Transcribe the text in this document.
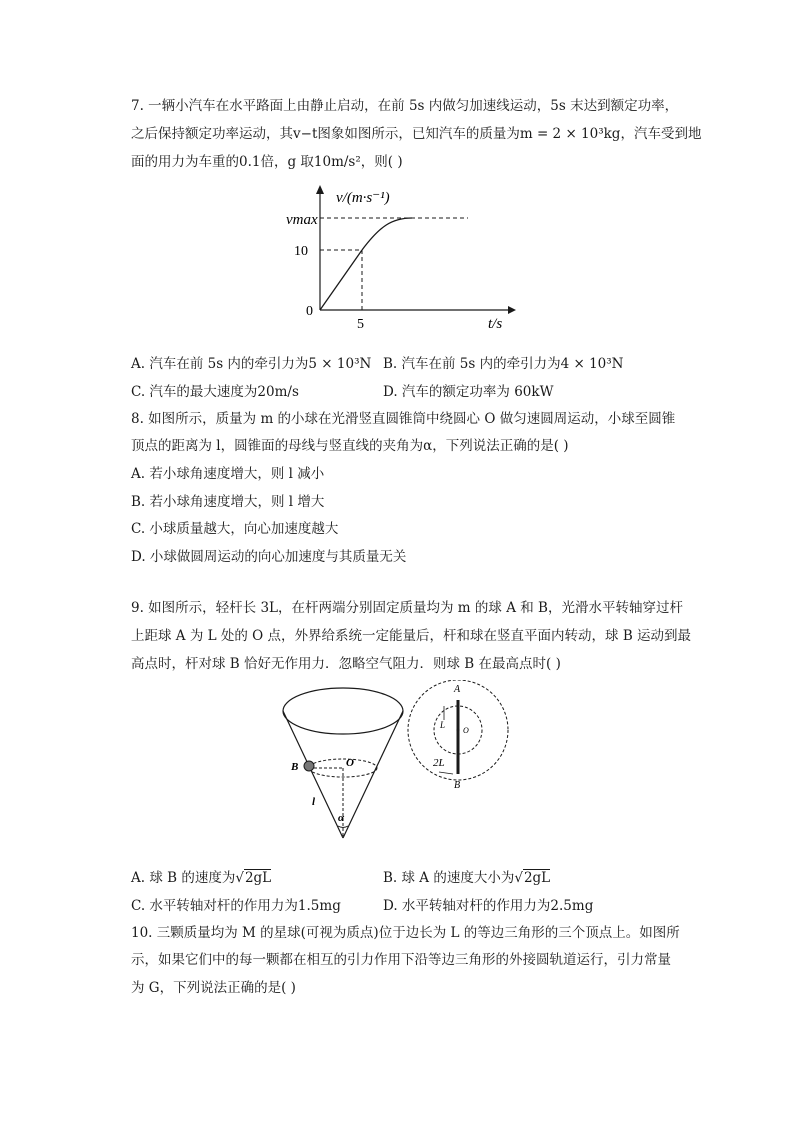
7. 一辆小汽车在水平路面上由静止启动，在前 5s 内做匀加速线运动，5s 末达到额定功率，
之后保持额定功率运动，其v−t图象如图所示，已知汽车的质量为m = 2 × 10³kg，汽车受到地
面的用力为车重的0.1倍，g 取10m/s²，则( )
v/(m·s⁻¹)
vmax
10
0
5	t/s
A. 汽车在前 5s 内的牵引力为5 × 10³N B. 汽车在前 5s 内的牵引力为4 × 10³N
C. 汽车的最大速度为20m/s	D. 汽车的额定功率为 60kW
8. 如图所示，质量为 m 的小球在光滑竖直圆锥筒中绕圆心 O 做匀速圆周运动，小球至圆锥
顶点的距离为 l，圆锥面的母线与竖直线的夹角为α，下列说法正确的是( )
A. 若小球角速度增大，则 l 减小
B. 若小球角速度增大，则 l 增大
C. 小球质量越大，向心加速度越大
D. 小球做圆周运动的向心加速度与其质量无关
9. 如图所示，轻杆长 3L，在杆两端分别固定质量均为 m 的球 A 和 B，光滑水平转轴穿过杆
上距球 A 为 L 处的 O 点，外界给系统一定能量后，杆和球在竖直平面内转动，球 B 运动到最
高点时，杆对球 B 恰好无作用力．忽略空气阻力．则球 B 在最高点时( )
B	O
l
α
A
L
O
2L
B
A. 球 B 的速度为√2gL	B. 球 A 的速度大小为√2gL
C. 水平转轴对杆的作用力为1.5mg	D. 水平转轴对杆的作用力为2.5mg
10. 三颗质量均为 M 的星球(可视为质点)位于边长为 L 的等边三角形的三个顶点上。如图所
示，如果它们中的每一颗都在相互的引力作用下沿等边三角形的外接圆轨道运行，引力常量
为 G，下列说法正确的是( )
